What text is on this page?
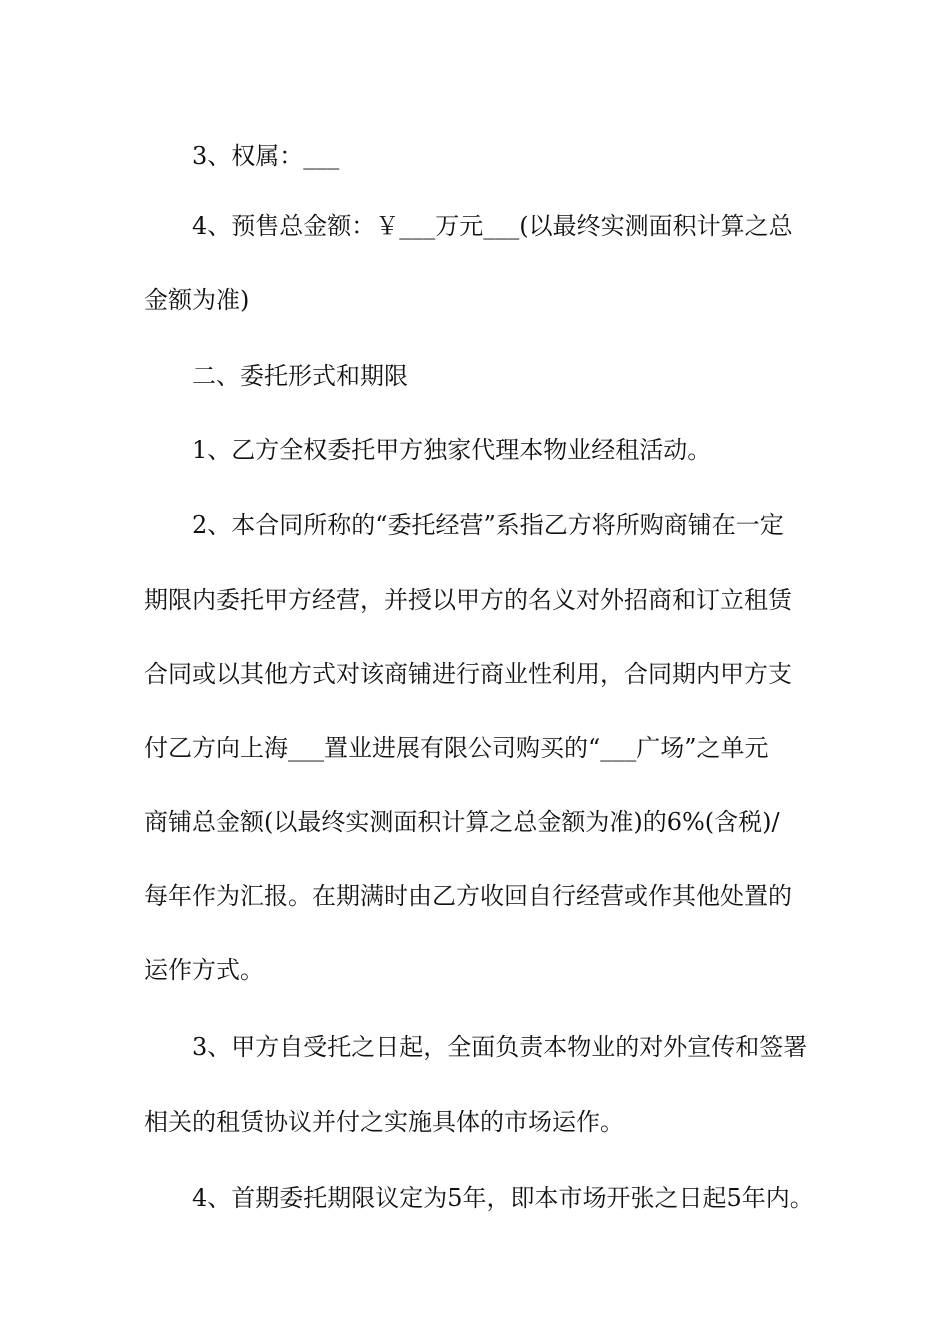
3、权属：___

4、预售总金额：￥___万元___(以最终实测面积计算之总
金额为准)

二、委托形式和期限

1、乙方全权委托甲方独家代理本物业经租活动。

2、本合同所称的“委托经营”系指乙方将所购商铺在一定
期限内委托甲方经营，并授以甲方的名义对外招商和订立租赁
合同或以其他方式对该商铺进行商业性利用，合同期内甲方支
付乙方向上海___置业进展有限公司购买的“___广场”之单元
商铺总金额(以最终实测面积计算之总金额为准)的6%(含税)/
每年作为汇报。在期满时由乙方收回自行经营或作其他处置的
运作方式。

3、甲方自受托之日起，全面负责本物业的对外宣传和签署
相关的租赁协议并付之实施具体的市场运作。

4、首期委托期限议定为5年，即本市场开张之日起5年内。
